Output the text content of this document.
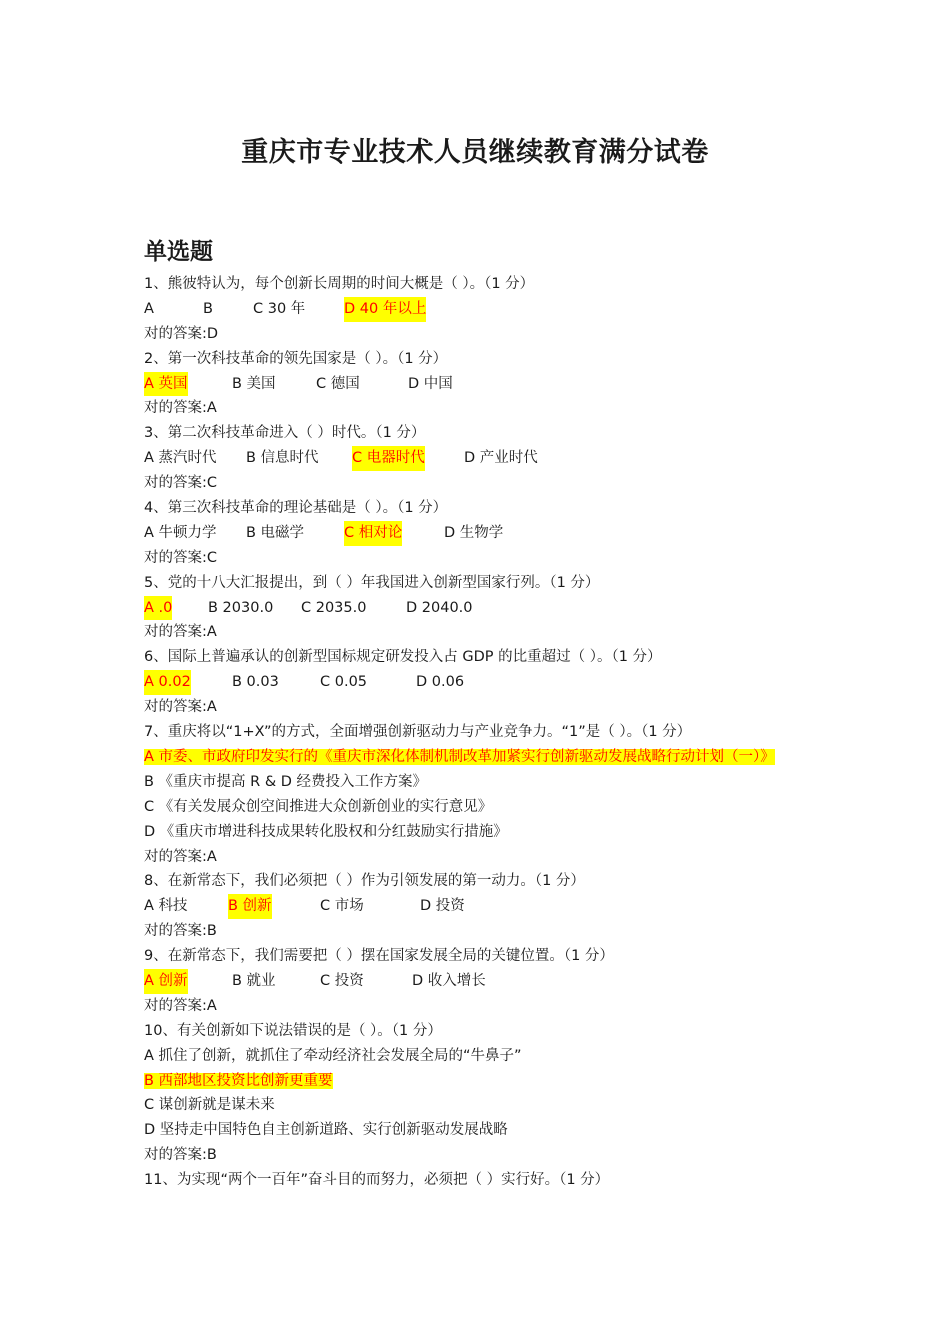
重庆市专业技术人员继续教育满分试卷
单选题
1、熊彼特认为，每个创新长周期的时间大概是（ ）。（1 分）
A	B	C 30 年	D 40 年以上
对的答案:D
2、第一次科技革命的领先国家是（ ）。（1 分）
A 英国	B 美国	C 德国	D 中国
对的答案:A
3、第二次科技革命进入（ ）时代。（1 分）
A 蒸汽时代 B 信息时代 C 电器时代	D 产业时代
对的答案:C
4、第三次科技革命的理论基础是（ ）。（1 分）
A 牛顿力学 B 电磁学	C 相对论	D 生物学
对的答案:C
5、党的十八大汇报提出，到（ ）年我国进入创新型国家行列。（1 分）
A .0 B 2030.0 C 2035.0	D 2040.0
对的答案:A
6、国际上普遍承认的创新型国标规定研发投入占 GDP 的比重超过（ ）。（1 分）
A 0.02	B 0.03	C 0.05	D 0.06
对的答案:A
7、重庆将以“1+X”的方式，全面增强创新驱动力与产业竞争力。“1”是（ ）。（1 分）
A 市委、市政府印发实行的《重庆市深化体制机制改革加紧实行创新驱动发展战略行动计划（一）》
B 《重庆市提高 R & D 经费投入工作方案》
C 《有关发展众创空间推进大众创新创业的实行意见》
D 《重庆市增进科技成果转化股权和分红鼓励实行措施》
对的答案:A
8、在新常态下，我们必须把（ ）作为引领发展的第一动力。（1 分）
A 科技	B 创新	C 市场	D 投资
对的答案:B
9、在新常态下，我们需要把（ ）摆在国家发展全局的关键位置。（1 分）
A 创新	B 就业	C 投资	D 收入增长
对的答案:A
10、有关创新如下说法错误的是（ ）。（1 分）
A 抓住了创新，就抓住了牵动经济社会发展全局的“牛鼻子”
B 西部地区投资比创新更重要
C 谋创新就是谋未来
D 坚持走中国特色自主创新道路、实行创新驱动发展战略
对的答案:B
11、为实现“两个一百年”奋斗目的而努力，必须把（ ）实行好。（1 分）
